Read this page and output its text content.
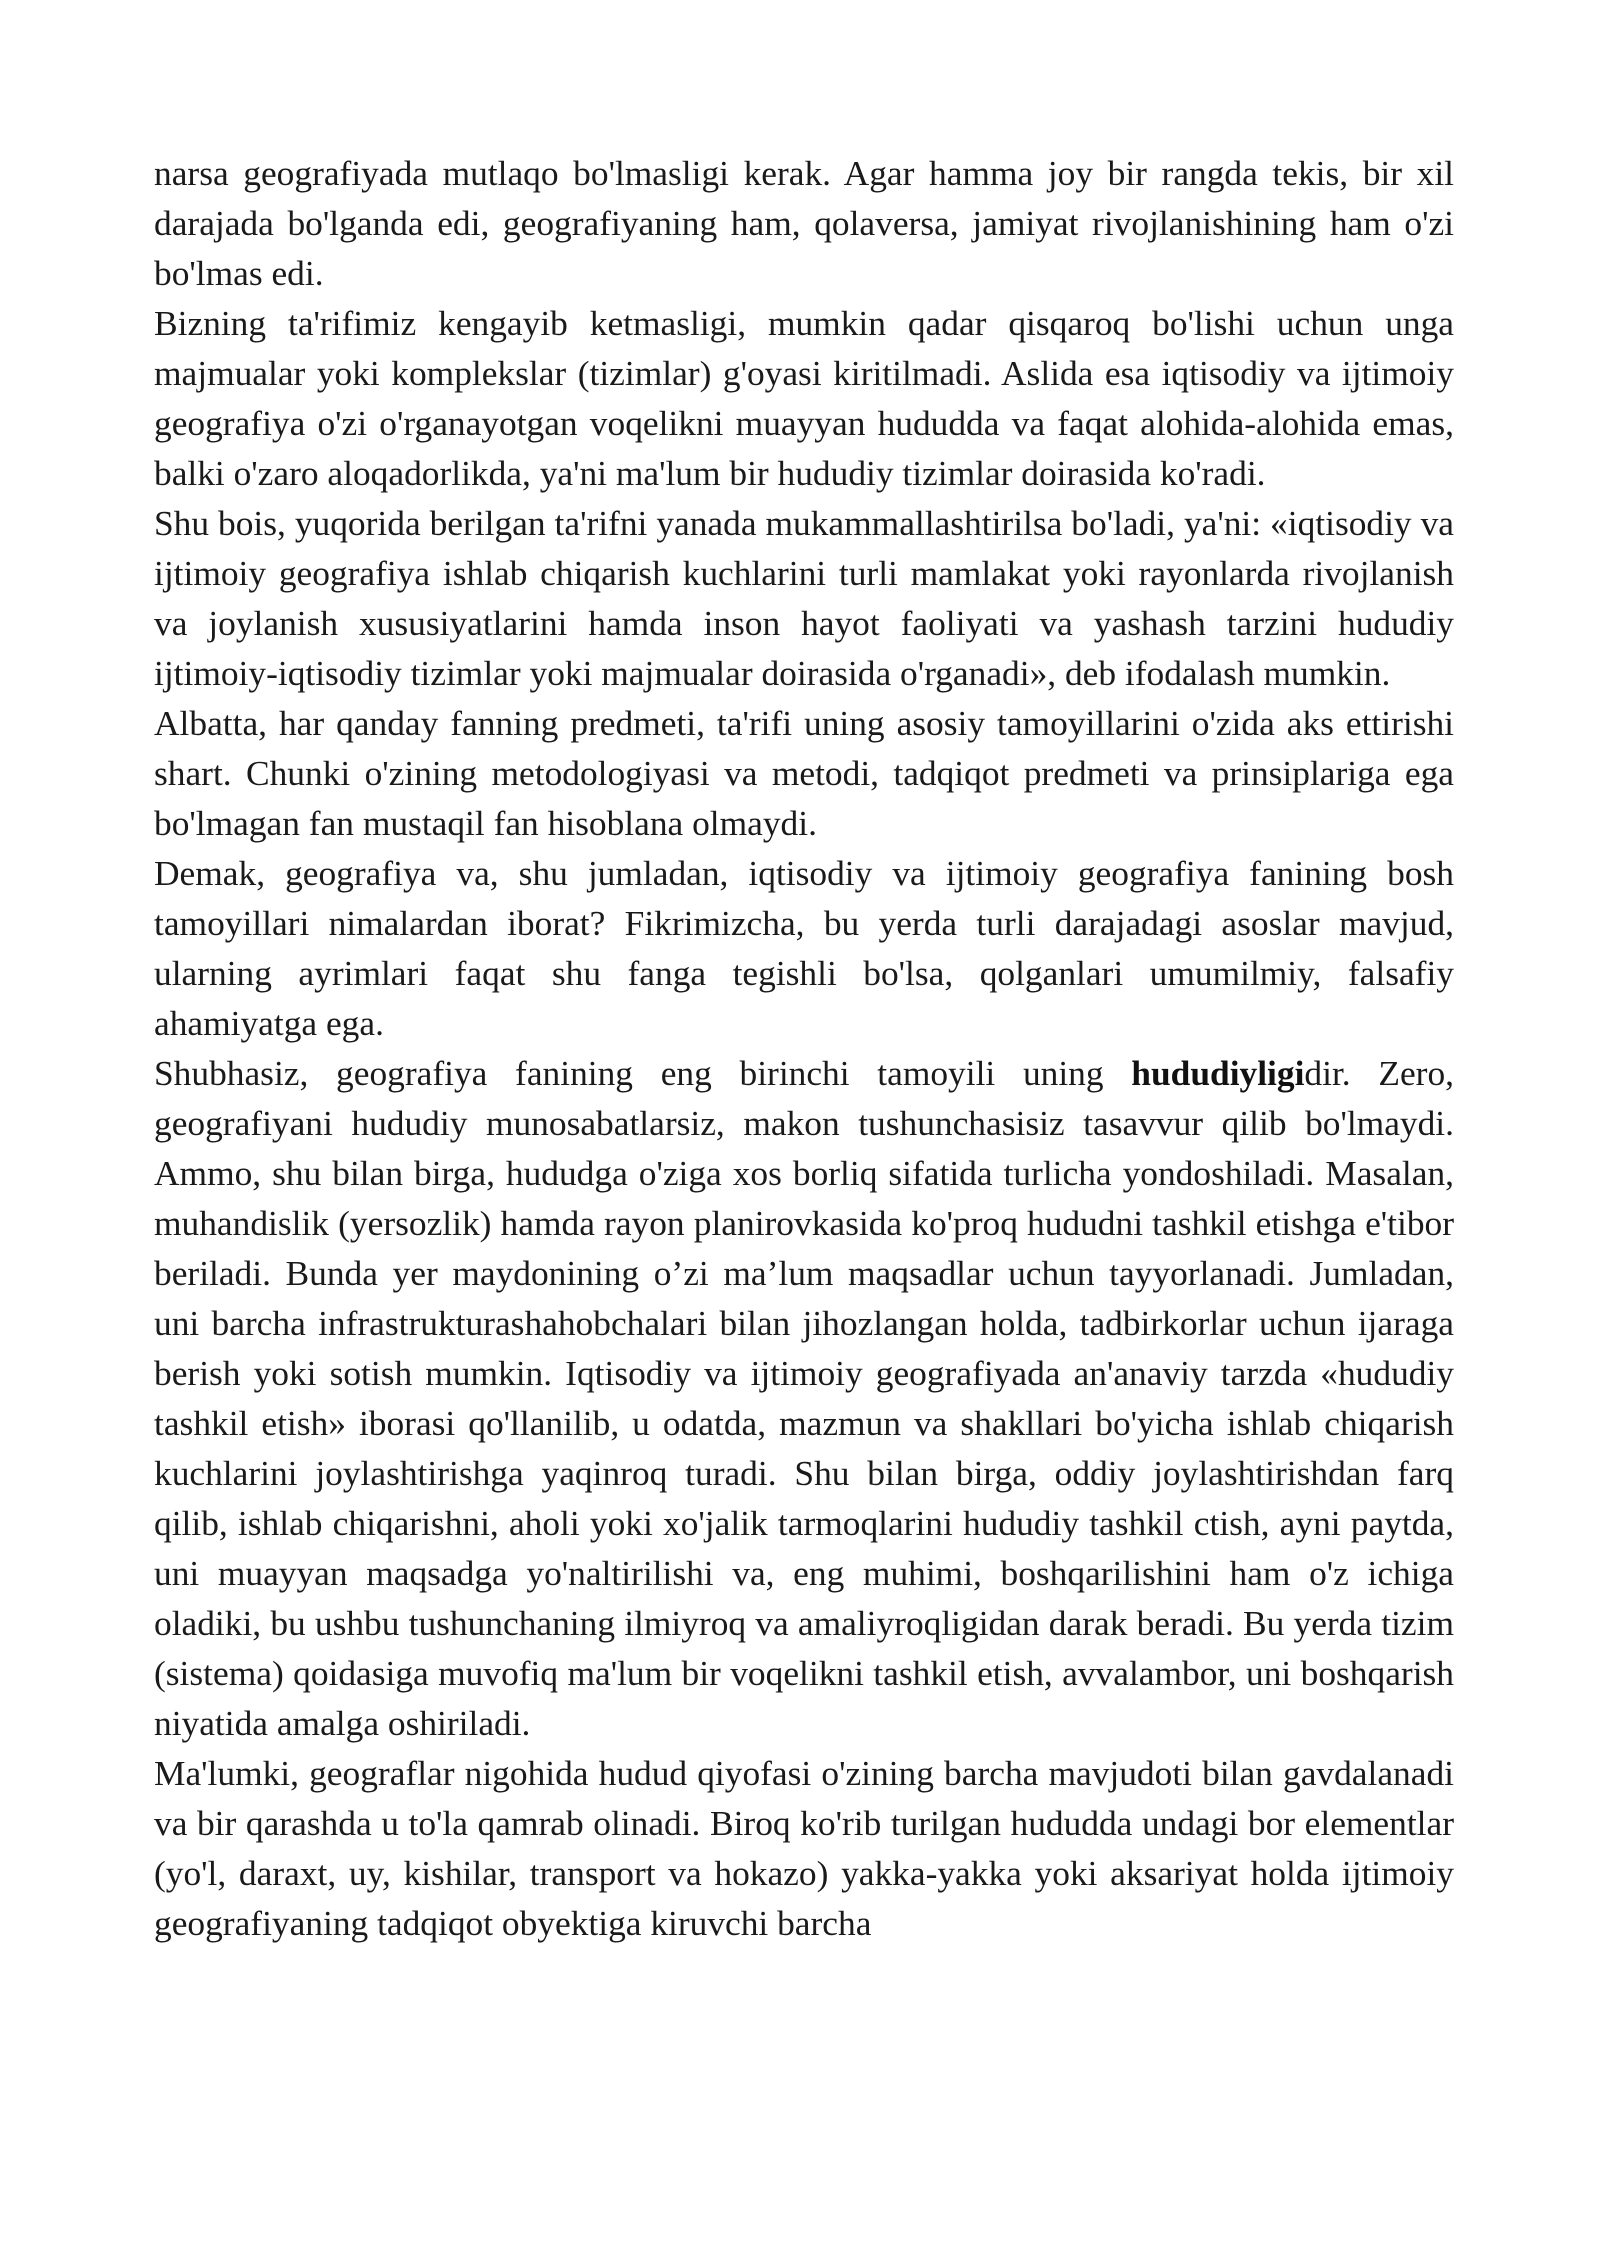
narsa geografiyada mutlaqo bo'lmasligi kerak. Agar hamma joy bir rangda tekis, bir xil darajada bo'lganda edi, geografiyaning ham, qolaversa, jamiyat rivojlanishining ham o'zi bo'lmas edi.

Bizning ta'rifimiz kengayib ketmasligi, mumkin qadar qisqaroq bo'lishi uchun unga majmualar yoki komplekslar (tizimlar) g'oyasi kiritilmadi. Aslida esa iqtisodiy va ijtimoiy geografiya o'zi o'rganayotgan voqelikni muayyan hududda va faqat alohida-alohida emas, balki o'zaro aloqadorlikda, ya'ni ma'lum bir hududiy tizimlar doirasida ko'radi.

Shu bois, yuqorida berilgan ta'rifni yanada mukammallashtirilsa bo'ladi, ya'ni: «iqtisodiy va ijtimoiy geografiya ishlab chiqarish kuchlarini turli mamlakat yoki rayonlarda rivojlanish va joylanish xususiyatlarini hamda inson hayot faoliyati va yashash tarzini hududiy ijtimoiy-iqtisodiy tizimlar yoki majmualar doirasida o'rganadi», deb ifodalash mumkin.

Albatta, har qanday fanning predmeti, ta'rifi uning asosiy tamoyillarini o'zida aks ettirishi shart. Chunki o'zining metodologiyasi va metodi, tadqiqot predmeti va prinsiplariga ega bo'lmagan fan mustaqil fan hisoblana olmaydi.

Demak, geografiya va, shu jumladan, iqtisodiy va ijtimoiy geografiya fanining bosh tamoyillari nimalardan iborat? Fikrimizcha, bu yerda turli darajadagi asoslar mavjud, ularning ayrimlari faqat shu fanga tegishli bo'lsa, qolganlari umumilmiy, falsafiy ahamiyatga ega.

Shubhasiz, geografiya fanining eng birinchi tamoyili uning hududiyligidir. Zero, geografiyani hududiy munosabatlarsiz, makon tushunchasisiz tasavvur qilib bo'lmaydi. Ammo, shu bilan birga, hududga o'ziga xos borliq sifatida turlicha yondoshiladi. Masalan, muhandislik (yersozlik) hamda rayon planirovkasida ko'proq hududni tashkil etishga e'tibor beriladi. Bunda yer maydonining o’zi ma’lum maqsadlar uchun tayyorlanadi. Jumladan, uni barcha infrastrukturashahobchalari bilan jihozlangan holda, tadbirkorlar uchun ijaraga berish yoki sotish mumkin. Iqtisodiy va ijtimoiy geografiyada an'anaviy tarzda «hududiy tashkil etish» iborasi qo'llanilib, u odatda, mazmun va shakllari bo'yicha ishlab chiqarish kuchlarini joylashtirishga yaqinroq turadi. Shu bilan birga, oddiy joylashtirishdan farq qilib, ishlab chiqarishni, aholi yoki xo'jalik tarmoqlarini hududiy tashkil ctish, ayni paytda, uni muayyan maqsadga yo'naltirilishi va, eng muhimi, boshqarilishini ham o'z ichiga oladiki, bu ushbu tushunchaning ilmiyroq va amaliyroqligidan darak beradi. Bu yerda tizim (sistema) qoidasiga muvofiq ma'lum bir voqelikni tashkil etish, avvalambor, uni boshqarish niyatida amalga oshiriladi.

Ma'lumki, geograflar nigohida hudud qiyofasi o'zining barcha mavjudoti bilan gavdalanadi va bir qarashda u to'la qamrab olinadi. Biroq ko'rib turilgan hududda undagi bor elementlar (yo'l, daraxt, uy, kishilar, transport va hokazo) yakka-yakka yoki aksariyat holda ijtimoiy geografiyaning tadqiqot obyektiga kiruvchi barcha
